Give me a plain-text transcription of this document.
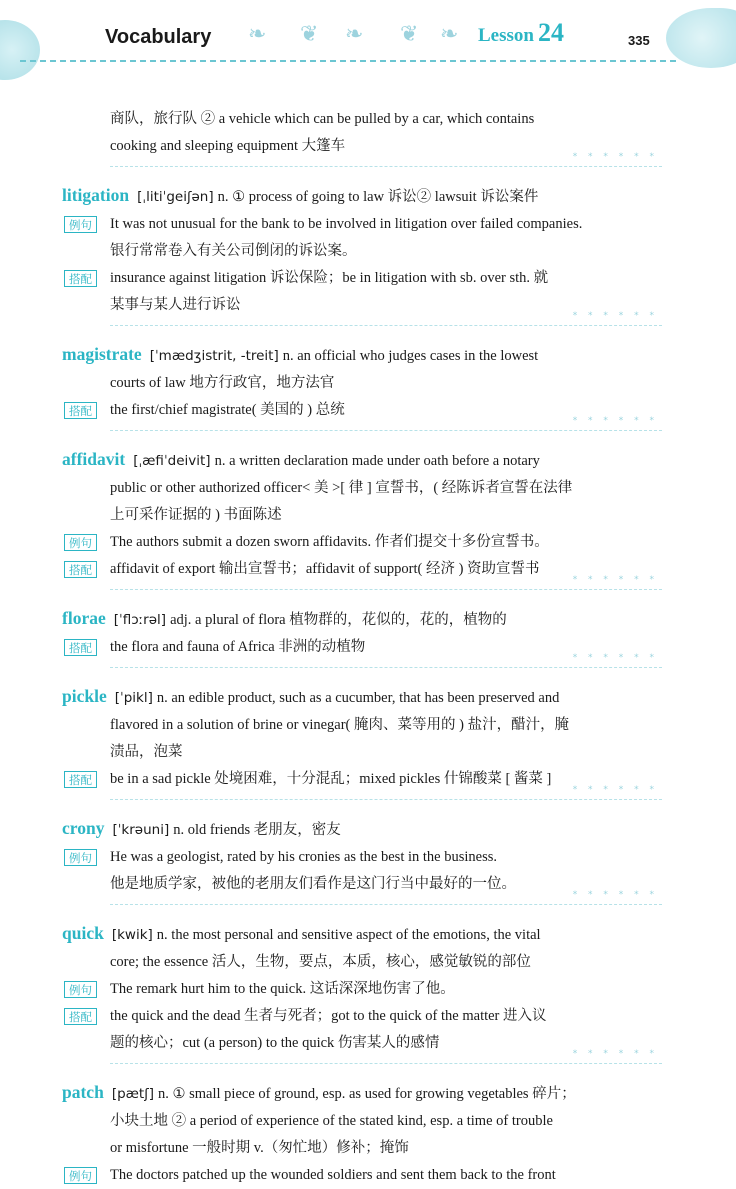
❧ ❦ ❧ ❦ ❧
Vocabulary	Lesson 24	335
商队，旅行队 ② a vehicle which can be pulled by a car, which contains
cooking and sleeping equipment 大篷车
* * * * * *
litigation [ˌlitiˈgeiʃən] n. ① process of going to law 诉讼② lawsuit 诉讼案件
例句	It was not unusual for the bank to be involved in litigation over failed companies.
银行常常卷入有关公司倒闭的诉讼案。
搭配	insurance against litigation 诉讼保险；be in litigation with sb. over sth. 就
某事与某人进行诉讼
* * * * * *
magistrate [ˈmædʒistrit, -treit] n. an official who judges cases in the lowest
courts of law 地方行政官，地方法官
搭配	the first/chief magistrate( 美国的 ) 总统
* * * * * *
affidavit [ˌæfiˈdeivit] n. a written declaration made under oath before a notary
public or other authorized officer< 美 >[ 律 ] 宣誓书，( 经陈诉者宣誓在法律
上可采作证据的 ) 书面陈述
例句	The authors submit a dozen sworn affidavits. 作者们提交十多份宣誓书。
搭配	affidavit of export 输出宣誓书；affidavit of support( 经济 ) 资助宣誓书
* * * * * *
florae [ˈflɔːrəl] adj. a plural of flora 植物群的，花似的，花的，植物的
搭配	the flora and fauna of Africa 非洲的动植物
* * * * * *
pickle [ˈpikl] n. an edible product, such as a cucumber, that has been preserved and
flavored in a solution of brine or vinegar( 腌肉、菜等用的 ) 盐汁，醋汁，腌
渍品，泡菜
搭配	be in a sad pickle 处境困难，十分混乱；mixed pickles 什锦酸菜 [ 酱菜 ]
* * * * * *
crony [ˈkrəuni] n. old friends 老朋友，密友
例句	He was a geologist, rated by his cronies as the best in the business.
他是地质学家，被他的老朋友们看作是这门行当中最好的一位。
* * * * * *
quick [kwik] n. the most personal and sensitive aspect of the emotions, the vital
core; the essence 活人，生物，要点，本质，核心，感觉敏锐的部位
例句	The remark hurt him to the quick. 这话深深地伤害了他。
搭配	the quick and the dead 生者与死者；got to the quick of the matter 进入议
题的核心；cut (a person) to the quick 伤害某人的感情
* * * * * *
patch [pætʃ] n. ① small piece of ground, esp. as used for growing vegetables 碎片；
小块土地 ② a period of experience of the stated kind, esp. a time of trouble
or misfortune 一般时期 v.（匆忙地）修补；掩饰
例句	The doctors patched up the wounded soldiers and sent them back to the front
